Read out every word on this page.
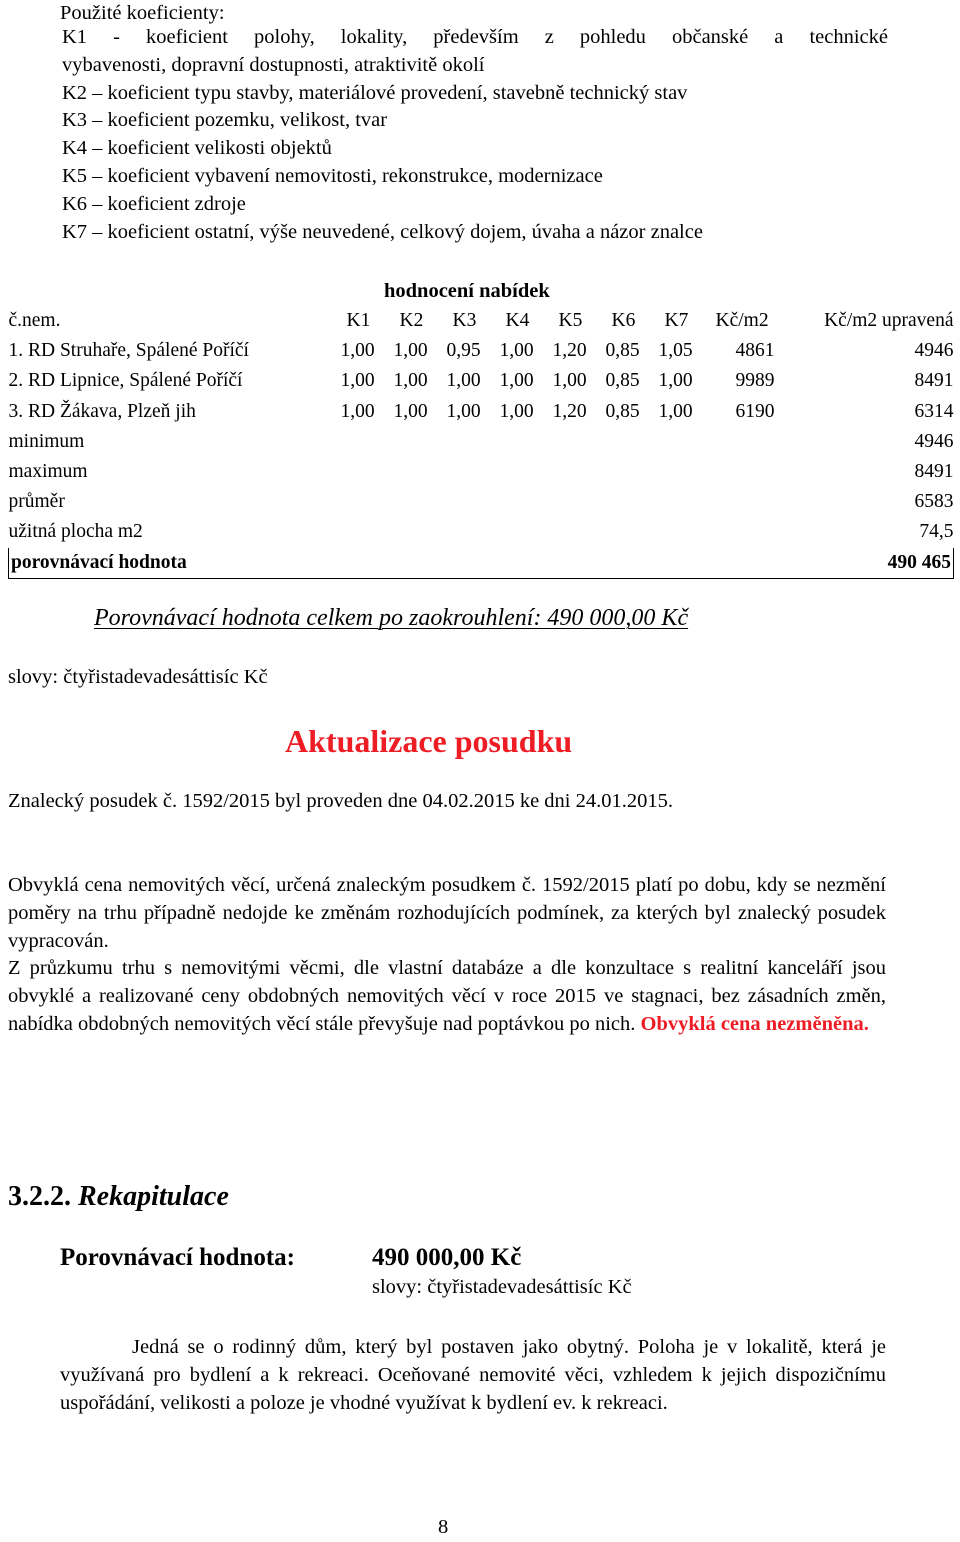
Použité koeficienty:
K1 - koeficient polohy, lokality, především z pohledu občanské a technické
vybavenosti, dopravní dostupnosti, atraktivitě okolí
K2 – koeficient typu stavby, materiálové provedení, stavebně technický stav
K3 – koeficient pozemku, velikost, tvar
K4 – koeficient velikosti objektů
K5 – koeficient vybavení nemovitosti, rekonstrukce, modernizace
K6 – koeficient zdroje
K7 – koeficient ostatní, výše neuvedené, celkový dojem, úvaha a názor znalce
hodnocení nabídek
č.nem.	K1	K2	K3	K4	K5	K6	K7	Kč/m2	Kč/m2 upravená
1. RD Struhaře, Spálené Poříčí	1,00	1,00	0,95	1,00	1,20	0,85	1,05	4861	4946
2. RD Lipnice, Spálené Poříčí	1,00	1,00	1,00	1,00	1,00	0,85	1,00	9989	8491
3. RD Žákava, Plzeň jih	1,00	1,00	1,00	1,00	1,20	0,85	1,00	6190	6314
minimum									4946
maximum									8491
průměr									6583
užitná plocha m2									74,5
porovnávací hodnota									490 465
Porovnávací hodnota celkem po zaokrouhlení: 490 000,00 Kč
slovy: čtyřistadevadesáttisíc Kč
Aktualizace posudku
Znalecký posudek č. 1592/2015 byl proveden dne 04.02.2015 ke dni 24.01.2015.

Obvyklá cena nemovitých věcí, určená znaleckým posudkem č. 1592/2015 platí po dobu, kdy se nezmění poměry na trhu případně nedojde ke změnám rozhodujících podmínek, za kterých byl znalecký posudek vypracován.

Z průzkumu trhu s nemovitými věcmi, dle vlastní databáze a dle konzultace s realitní kanceláří jsou obvyklé a realizované ceny obdobných nemovitých věcí v roce 2015 ve stagnaci, bez zásadních změn, nabídka obdobných nemovitých věcí stále převyšuje nad poptávkou po nich. Obvyklá cena nezměněna.

3.2.2. Rekapitulace
Porovnávací hodnota:	490 000,00 Kč
slovy: čtyřistadevadesáttisíc Kč

Jedná se o rodinný dům, který byl postaven jako obytný. Poloha je v lokalitě, která je využívaná pro bydlení a k rekreaci. Oceňované nemovité věci, vzhledem k jejich dispozičnímu uspořádání, velikosti a poloze je vhodné využívat k bydlení ev. k rekreaci.

8
